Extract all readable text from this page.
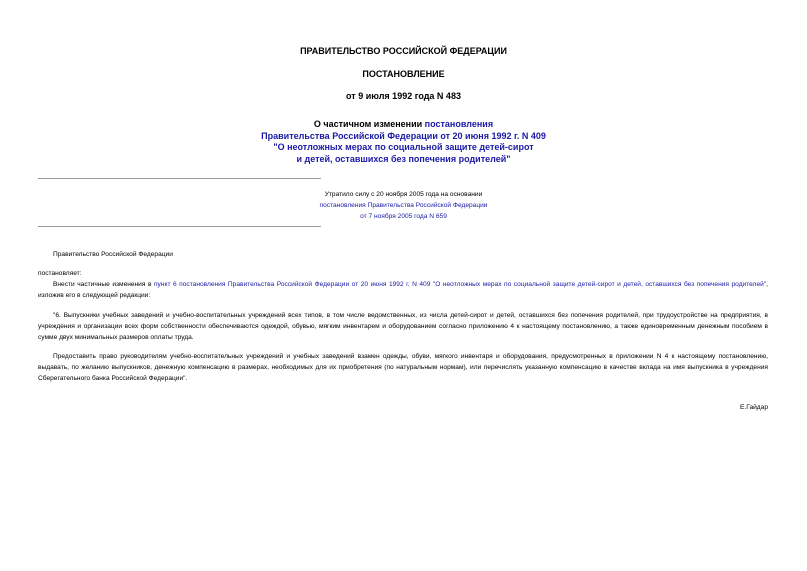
ПРАВИТЕЛЬСТВО РОССИЙСКОЙ ФЕДЕРАЦИИ
ПОСТАНОВЛЕНИЕ
от 9 июля 1992 года N 483
О частичном изменении постановления
Правительства Российской Федерации от 20 июня 1992 г. N 409
"О неотложных мерах по социальной защите детей-сирот
и детей, оставшихся без попечения родителей"
Утратило силу с 20 ноября 2005 года на основании
постановления Правительства Российской Федерации
от 7 ноября 2005 года N 659
Правительство Российской Федерации
постановляет:
Внести частичные изменения в пункт 6 постановления Правительства Российской Федерации от 20 июня 1992 г. N 409 "О неотложных мерах по социальной защите детей-сирот и детей, оставшихся без попечения родителей", изложив его в следующей редакции:
"6. Выпускники учебных заведений и учебно-воспитательных учреждений всех типов, в том числе ведомственных, из числа детей-сирот и детей, оставшихся без попечения родителей, при трудоустройстве на предприятия, в учреждения и организации всех форм собственности обеспечиваются одеждой, обувью, мягким инвентарем и оборудованием согласно приложению 4 к настоящему постановлению, а также единовременным денежным пособием в сумме двух минимальных размеров оплаты труда.
Предоставить право руководителям учебно-воспитательных учреждений и учебных заведений взамен одежды, обуви, мягкого инвентаря и оборудования, предусмотренных в приложении N 4 к настоящему постановлению, выдавать, по желанию выпускников, денежную компенсацию в размерах, необходимых для их приобретения (по натуральным нормам), или перечислять указанную компенсацию в качестве вклада на имя выпускника в учреждения Сберегательного банка Российской Федерации".
Е.Гайдар
